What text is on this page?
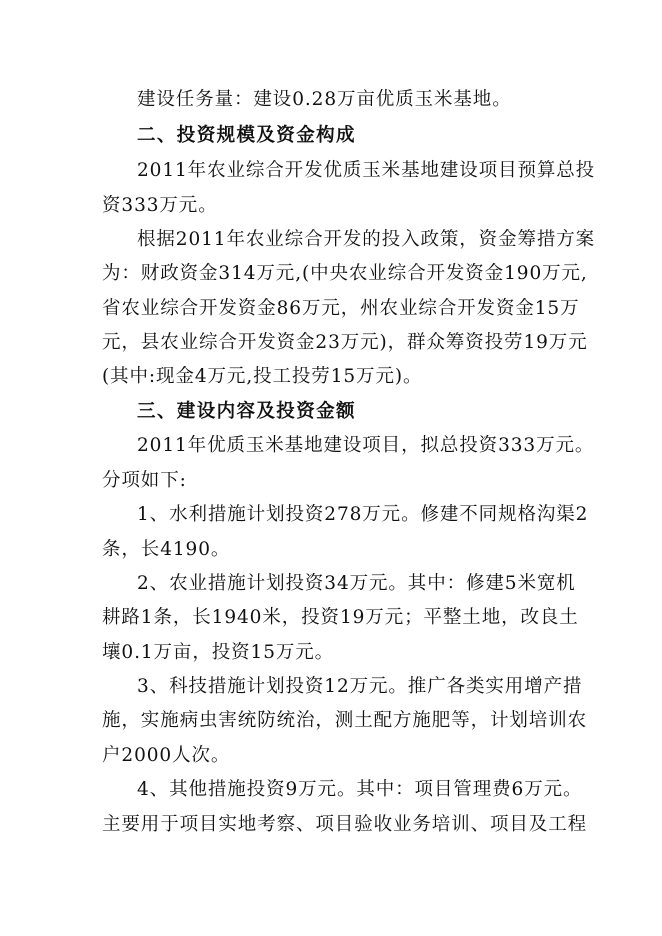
建设任务量：建设0.28万亩优质玉米基地。
二、投资规模及资金构成
2011年农业综合开发优质玉米基地建设项目预算总投
资333万元。
根据2011年农业综合开发的投入政策，资金筹措方案
为：财政资金314万元,(中央农业综合开发资金190万元,
省农业综合开发资金86万元，州农业综合开发资金15万
元，县农业综合开发资金23万元)，群众筹资投劳19万元
(其中:现金4万元,投工投劳15万元)。
三、建设内容及投资金额
2011年优质玉米基地建设项目，拟总投资333万元。
分项如下:
1、水利措施计划投资278万元。修建不同规格沟渠2
条，长4190。
2、农业措施计划投资34万元。其中：修建5米宽机
耕路1条，长1940米，投资19万元；平整土地，改良土
壤0.1万亩，投资15万元。
3、科技措施计划投资12万元。推广各类实用增产措
施，实施病虫害统防统治，测土配方施肥等，计划培训农
户2000人次。
4、其他措施投资9万元。其中：项目管理费6万元。
主要用于项目实地考察、项目验收业务培训、项目及工程
